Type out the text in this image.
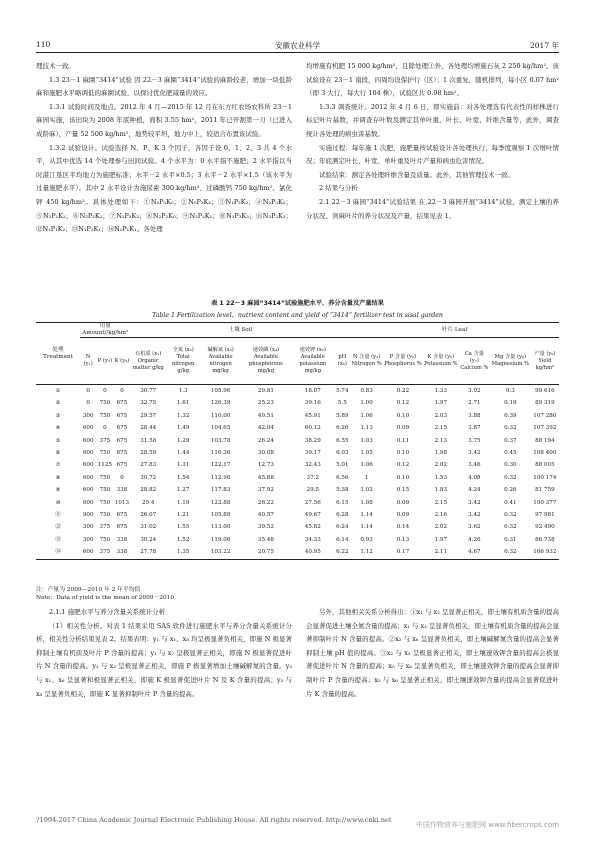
110	安徽农业科学	2017 年

理技术一致。

1.3 23－1 麻園“3414”试验 因 22－3 麻園“3414”试验的麻龄较老，增加一块低龄麻和施肥水平略调低的麻園试验，以探讨优化肥减量的效应。

1.3.1 试验时间及地点。2012 年 4 月—2015 年 12 月在东方红农场农科所 23－1 麻园实施，该田块为 2008 年底种植，面积 3.55 hm²，2011 年已开割第一刀（已进入成龄麻），产量 52 500 kg/hm²，地势较平坦，地力中上，较适合布置该试验。

1.3.2 试验设计。试验选择 N、P、K 3 个因子，各因子设 0、1、2、3 共 4 个水平，从其中优选 14 个处理参与田间试验。4 个水平为：0 水平指不施肥；2 水平指以当时湛江垦区平均地力为施肥标准；水平－2 水平×0.5；3 水平－2 水平×1.5（该水平为过量施肥水平）。其中 2 水平设计为施尿素 300 kg/hm²、过磷酸钙 750 kg/hm²、氯化钾 450 kg/hm²。具体处理如下：①N₀P₀K₀；②N₀P₂K₂；③N₁P₂K₂；④N₂P₀K₂；⑤N₂P₁K₂；⑥N₂P₂K₂；⑦N₂P₃K₂；⑧N₂P₂K₀；⑨N₂P₂K₁；⑩N₂P₂K₃；⑪N₃P₂K₂；⑫N₁P₁K₂；⑬N₁P₂K₁；⑭N₂P₁K₁。各处理

均增施有机肥 15 000 kg/hm²，且除处理①外，各处理均增施石灰 2 250 kg/hm²。该试验设在 23－1 南段，四周均设保护行（区）；1 次重复，随机排列，每小区 0.07 hm²（即 3 大行，每大行 104 株），试验区共 0.98 hm²。

1.3.3 调查统计。2012 年 4 月 6 日，即实施前：对各处理选有代表性的样株进行标记叶片基数，并调查存叶数及测定其单叶重、叶长、叶宽、纤维含量等，此外，调查统计各处理的病虫害基数。

实施过程：每年施 1 次肥，施肥量按试验设计各处理执行；每季度观察 1 次增叶情况；年底测定叶长、叶宽、单叶重及叶片产量和病虫危害情况。

试验结束：测定各处理纤维含量及质量。此外，其他管理技术一致。

2 结果与分析

2.1 22－3 麻园“3414”试验结果 在 22－3 麻园开展“3414”试验，测定土壤的养分状况、剑麻叶片的养分状况及产量，结果见表 1。

表 1 22－3 麻园“3414”试验施肥水平、养分含量及产量结果
Table 1 Fertilization level，nutrient content and yield of “3414” fertilizer test in sisal garden
处理 Treatment	用量 Amount//kg/hm²			土壤 Soil						叶片 Leaf					
	N (y₁)	P (y₂)	K (y₃)	有机质 (x₁) Organic matter g/kg	全氮 (x₂) Total nitrogen g/kg	碱解氮 (x₃) Available nitrogen mg/kg	速效磷 (x₄) Available phosphorous mg/kg	速效钾 (x₅) Available potassium mg/kg	pH (x₆)	N 含量 (y₄) Nitrogen %	P 含量 (y₅) Phosphorus %	K 含量 (y₆) Potassium %	Ca 含量 (y₇) Calcium %	Mg 含量 (y₈) Magnesium %	产量 (y₉) Yield kg/hm²
①	0	0	0	30.77	1.3	105.96	29.81	18.07	5.74	0.83	0.22	1.33	3.92	0.3	99 616
②	0	750	675	32.75	1.61	126.39	25.23	39.16	5.5	1.00	0.12	1.97	2.71	0.19	89 319
③	300	750	675	29.57	1.32	110.00	49.51	45.91	5.89	1.06	0.10	2.03	3.88	0.39	107 280
④	600	0	675	28.44	1.49	104.65	42.04	60.12	6.26	1.13	0.09	2.15	3.87	0.32	107 392
⑤	600	375	675	31.58	1.29	103.78	26.24	38.29	6.55	1.03	0.11	2.13	3.75	0.37	88 194
⑥	600	750	675	28.59	1.44	116.36	30.08	39.17	6.03	1.05	0.10	1.98	3.42	0.45	108 400
⑦	600	1125	675	27.83	1.31	122.17	12.73	32.43	5.01	1.06	0.12	2.02	3.46	0.30	88 005
⑧	600	750	0	30.72	1.54	112.98	45.88	37.2	6.56	1	0.10	1.53	4.08	0.32	100 174
⑨	600	750	338	28.82	1.27	117.83	37.92	29.5	5.38	1.02	0.15	1.83	4.24	0.26	81 759
⑩	600	750	1013	29.4	1.19	122.88	26.22	27.56	6.15	1.08	0.09	2.15	3.42	0.41	100 377
⑪	900	750	675	26.07	1.21	105.88	40.57	49.67	6.28	1.14	0.09	2.16	3.42	0.32	97 981
⑫	300	375	675	31.02	1.55	113.00	39.52	45.82	6.24	1.14	0.14	2.02	3.62	0.32	92 490
⑬	300	750	338	30.24	1.52	119.06	35.48	34.33	6.14	0.93	0.13	1.97	4.26	0.31	86 738
⑭	600	375	338	27.78	1.35	103.22	20.75	40.95	6.22	1.12	0.17	2.11	4.67	0.32	106 932
注：产量为 2009—2010 年 2 年平均值
Note：Data of yield is the mean of 2009－2010

2.1.1 施肥水平与养分含量关系统计分析

（1）相关性分析。对表 1 结果采用 SAS 软件进行施肥水平与养分含量关系统计分析，相关性分析结果见表 2。结果表明：y₁ 与 x₁、x₆ 均呈极显著负相关，即施 N 极显著抑制土壤有机质及叶片 P 含量的提高；y₁ 与 x₇ 呈极显著正相关，即施 N 极显著促进叶片 N 含量的提高。y₂ 与 x₃ 呈极显著正相关，即施 P 极显著增加土壤碱解氮的含量。y₃ 与 x₁、x₆ 呈显著和极显著正相关，即施 K 极显著促进叶片 N 及 K 含量的提高；y₃ 与 x₈ 呈显著负相关，即施 K 显著抑制叶片 P 含量的提高。

另外，其他相关关系分析得出：①x₁ 与 x₂ 呈显著正相关，即土壤有机质含量的提高会显著促进土壤全氮含量的提高；x₁ 与 x₃ 呈显著负相关，即土壤有机质含量的提高会显著抑制叶片 N 含量的提高。②x₂ 与 x₆ 呈显著负相关，即土壤碱解氮含量的提高会显著抑制土壤 pH 值的提高。③x₂ 与 x₅ 呈极显著正相关，即土壤速效钾含量的提高会极显著促进叶片 N 含量的提高；x₅ 与 x₈ 呈显著负相关，即土壤速效钾含量的提高会显著抑制叶片 P 含量的提高；x₅ 与 x₆ 呈显著正相关，即土壤速效钾含量的提高会显著促进叶片 K 含量的提高。

?1994-2017 China Academic Journal Electronic Publishing House. All rights reserved. http://www.cnki.net
中国作物营养与施肥网 www.fibercrops.com
